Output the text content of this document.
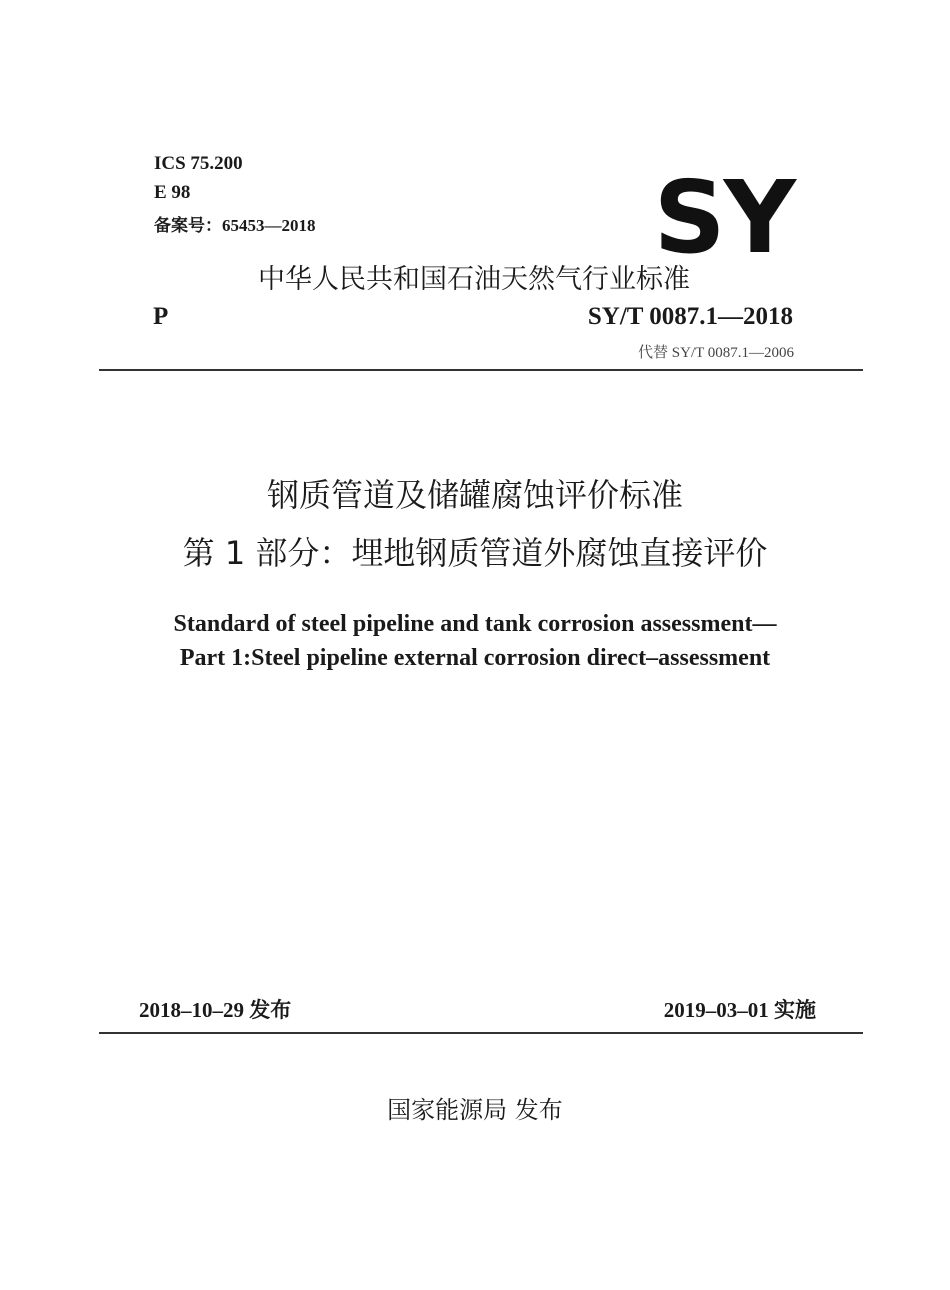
ICS 75.200
E 98
备案号：65453—2018	SY
中华人民共和国石油天然气行业标准
P	SY/T 0087.1—2018
代替 SY/T 0087.1—2006
钢质管道及储罐腐蚀评价标准
第 1 部分：埋地钢质管道外腐蚀直接评价
Standard of steel pipeline and tank corrosion assessment—
Part 1:Steel pipeline external corrosion direct–assessment
2018–10–29 发布	2019–03–01 实施
国家能源局 发布
